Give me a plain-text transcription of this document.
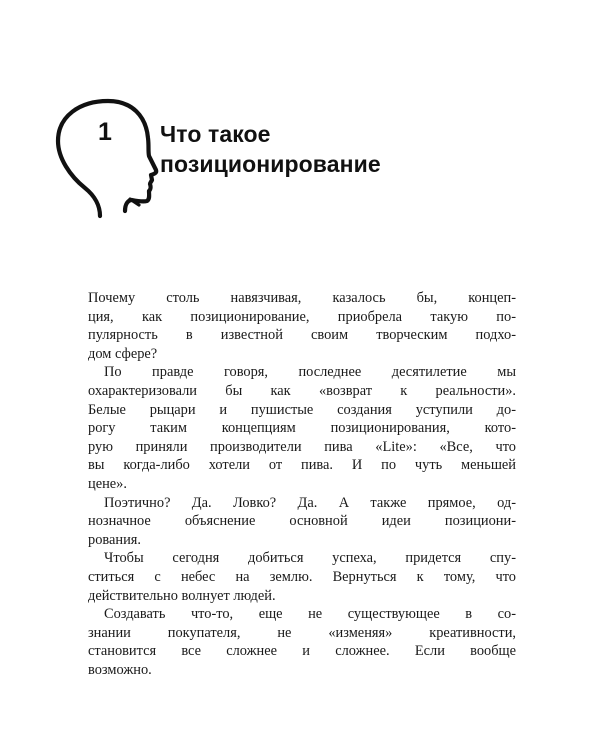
1 Что такое
позиционирование
Почему столь навязчивая, казалось бы, концеп-
ция, как позиционирование, приобрела такую по-
пулярность в известной своим творческим подхо-
дом сфере?
По правде говоря, последнее десятилетие мы
охарактеризовали бы как «возврат к реальности».
Белые рыцари и пушистые создания уступили до-
рогу таким концепциям позиционирования, кото-
рую приняли производители пива «Lite»: «Все, что
вы когда-либо хотели от пива. И по чуть меньшей
цене».
Поэтично? Да. Ловко? Да. А также прямое, од-
нозначное объяснение основной идеи позициони-
рования.
Чтобы сегодня добиться успеха, придется спу-
ститься с небес на землю. Вернуться к тому, что
действительно волнует людей.
Создавать что-то, еще не существующее в со-
знании покупателя, не «изменяя» креативности,
становится все сложнее и сложнее. Если вообще
возможно.
